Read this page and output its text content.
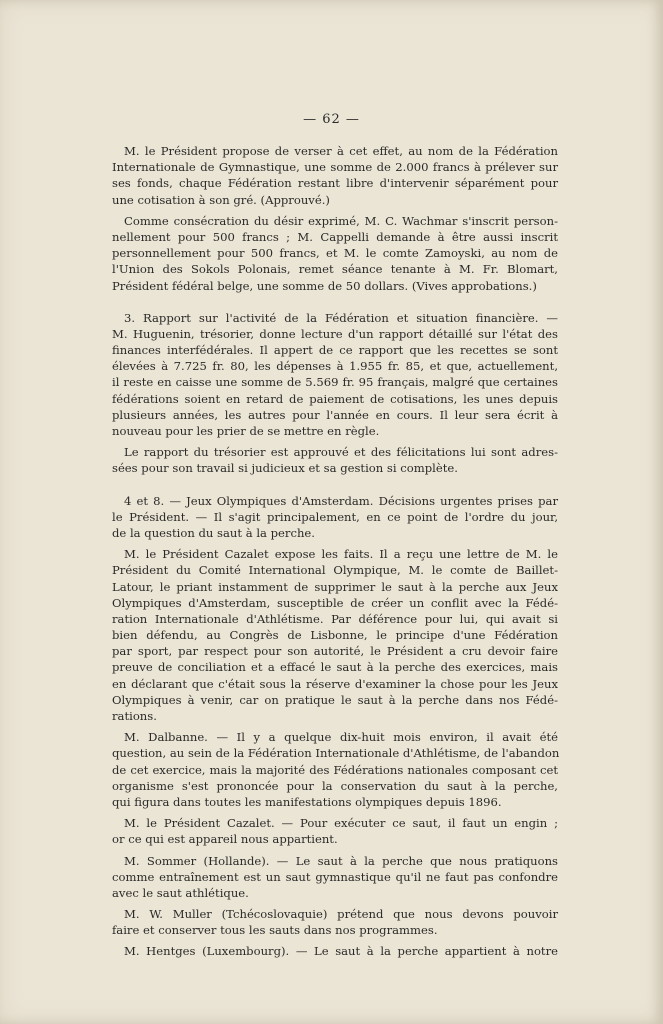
— 62 —
M. le Président propose de verser à cet effet, au nom de la Fédération
Internationale de Gymnastique, une somme de 2.000 francs à prélever sur
ses fonds, chaque Fédération restant libre d'intervenir séparément pour
une cotisation à son gré. (Approuvé.)
Comme consécration du désir exprimé, M. C. Wachmar s'inscrit person-
nellement pour 500 francs ; M. Cappelli demande à être aussi inscrit
personnellement pour 500 francs, et M. le comte Zamoyski, au nom de
l'Union des Sokols Polonais, remet séance tenante à M. Fr. Blomart,
Président fédéral belge, une somme de 50 dollars. (Vives approbations.)
3. Rapport sur l'activité de la Fédération et situation financière. —
M. Huguenin, trésorier, donne lecture d'un rapport détaillé sur l'état des
finances interfédérales. Il appert de ce rapport que les recettes se sont
élevées à 7.725 fr. 80, les dépenses à 1.955 fr. 85, et que, actuellement,
il reste en caisse une somme de 5.569 fr. 95 français, malgré que certaines
fédérations soient en retard de paiement de cotisations, les unes depuis
plusieurs années, les autres pour l'année en cours. Il leur sera écrit à
nouveau pour les prier de se mettre en règle.
Le rapport du trésorier est approuvé et des félicitations lui sont adres-
sées pour son travail si judicieux et sa gestion si complète.
4 et 8. — Jeux Olympiques d'Amsterdam. Décisions urgentes prises par
le Président. — Il s'agit principalement, en ce point de l'ordre du jour,
de la question du saut à la perche.
M. le Président Cazalet expose les faits. Il a reçu une lettre de M. le
Président du Comité International Olympique, M. le comte de Baillet-
Latour, le priant instamment de supprimer le saut à la perche aux Jeux
Olympiques d'Amsterdam, susceptible de créer un conflit avec la Fédé-
ration Internationale d'Athlétisme. Par déférence pour lui, qui avait si
bien défendu, au Congrès de Lisbonne, le principe d'une Fédération
par sport, par respect pour son autorité, le Président a cru devoir faire
preuve de conciliation et a effacé le saut à la perche des exercices, mais
en déclarant que c'était sous la réserve d'examiner la chose pour les Jeux
Olympiques à venir, car on pratique le saut à la perche dans nos Fédé-
rations.
M. Dalbanne. — Il y a quelque dix-huit mois environ, il avait été
question, au sein de la Fédération Internationale d'Athlétisme, de l'abandon
de cet exercice, mais la majorité des Fédérations nationales composant cet
organisme s'est prononcée pour la conservation du saut à la perche,
qui figura dans toutes les manifestations olympiques depuis 1896.
M. le Président Cazalet. — Pour exécuter ce saut, il faut un engin ;
or ce qui est appareil nous appartient.
M. Sommer (Hollande). — Le saut à la perche que nous pratiquons
comme entraînement est un saut gymnastique qu'il ne faut pas confondre
avec le saut athlétique.
M. W. Muller (Tchécoslovaquie) prétend que nous devons pouvoir
faire et conserver tous les sauts dans nos programmes.
M. Hentges (Luxembourg). — Le saut à la perche appartient à notre
